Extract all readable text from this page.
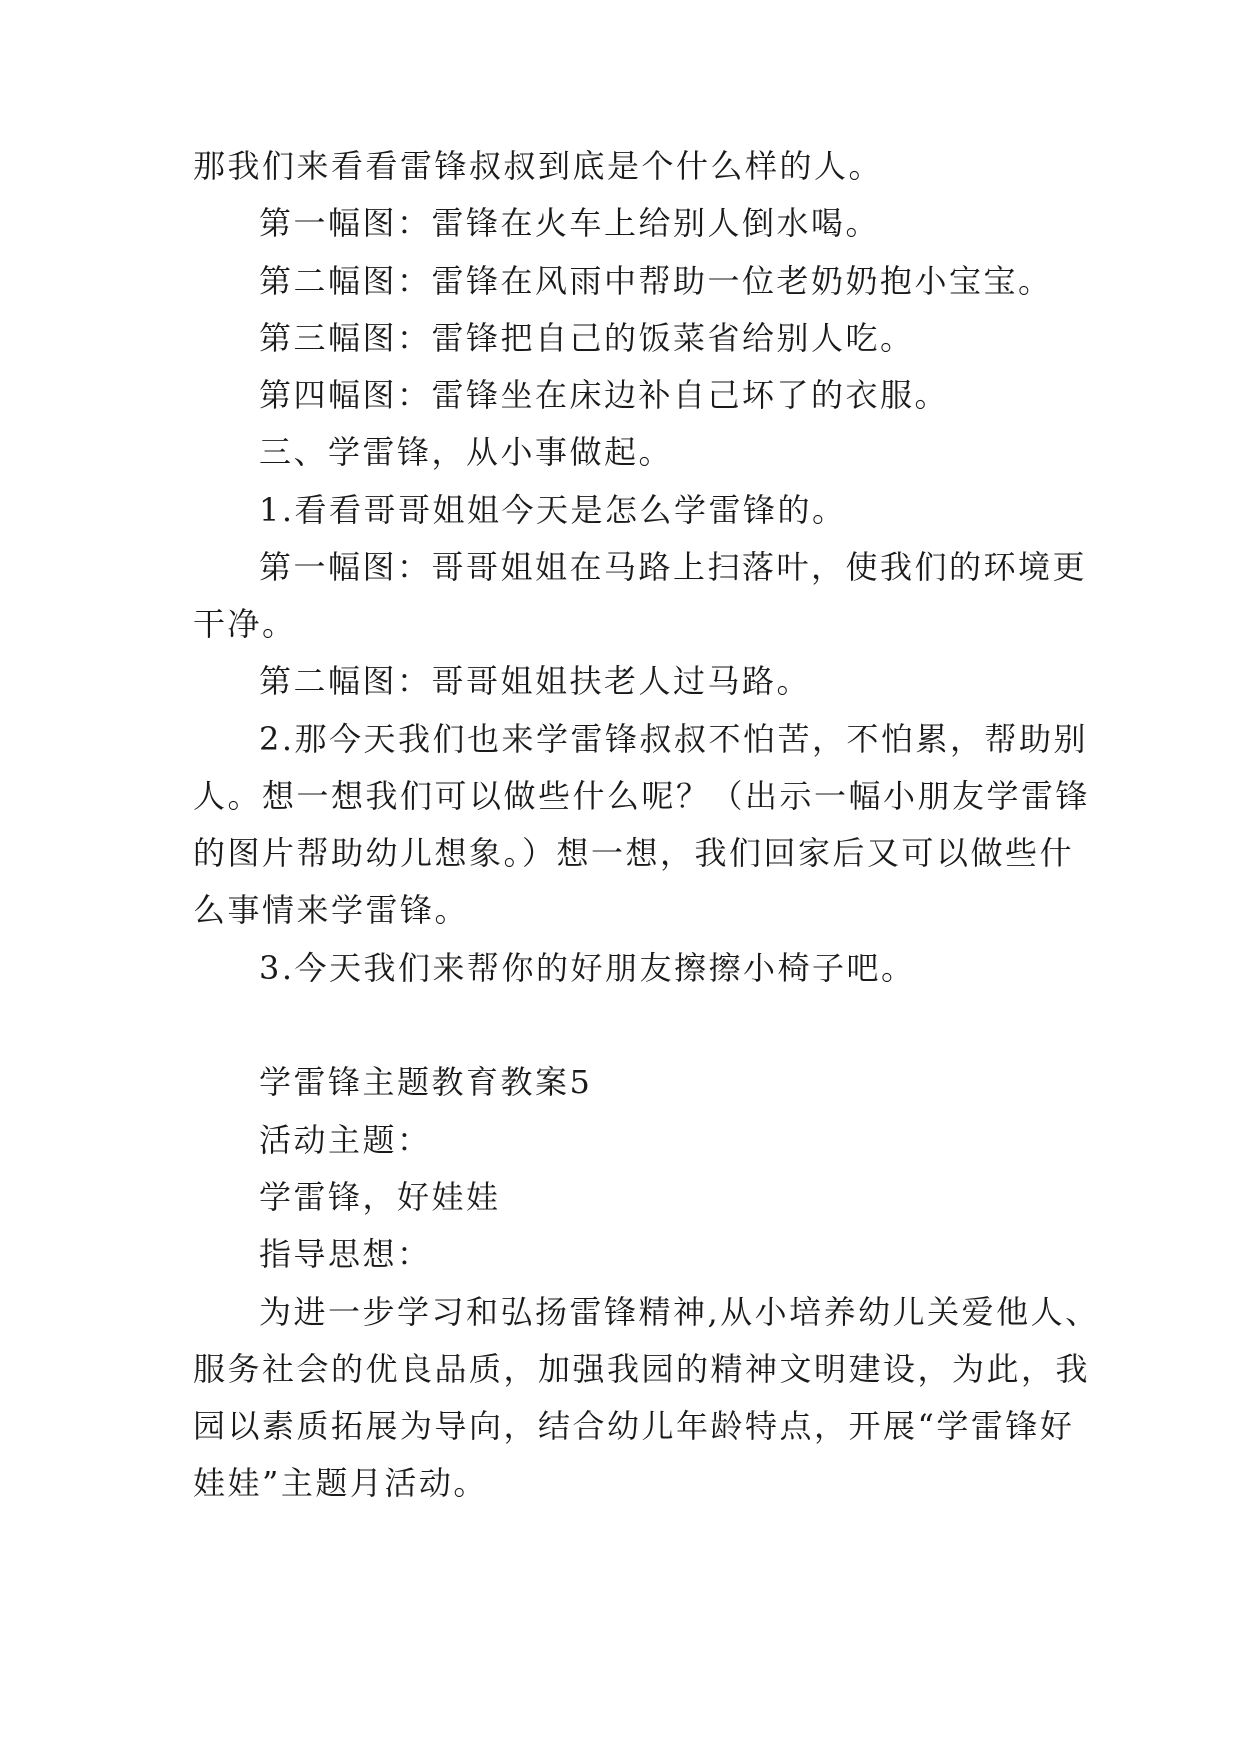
那我们来看看雷锋叔叔到底是个什么样的人。
第一幅图：雷锋在火车上给别人倒水喝。
第二幅图：雷锋在风雨中帮助一位老奶奶抱小宝宝。
第三幅图：雷锋把自己的饭菜省给别人吃。
第四幅图：雷锋坐在床边补自己坏了的衣服。
三、学雷锋，从小事做起。
1.看看哥哥姐姐今天是怎么学雷锋的。
第一幅图：哥哥姐姐在马路上扫落叶，使我们的环境更
干净。
第二幅图：哥哥姐姐扶老人过马路。
2.那今天我们也来学雷锋叔叔不怕苦，不怕累，帮助别
人。想一想我们可以做些什么呢？（出示一幅小朋友学雷锋
的图片帮助幼儿想象。）想一想，我们回家后又可以做些什
么事情来学雷锋。
3.今天我们来帮你的好朋友擦擦小椅子吧。
学雷锋主题教育教案5
活动主题：
学雷锋，好娃娃
指导思想：
为进一步学习和弘扬雷锋精神,从小培养幼儿关爱他人、
服务社会的优良品质，加强我园的精神文明建设，为此，我
园以素质拓展为导向，结合幼儿年龄特点，开展“学雷锋好
娃娃”主题月活动。
